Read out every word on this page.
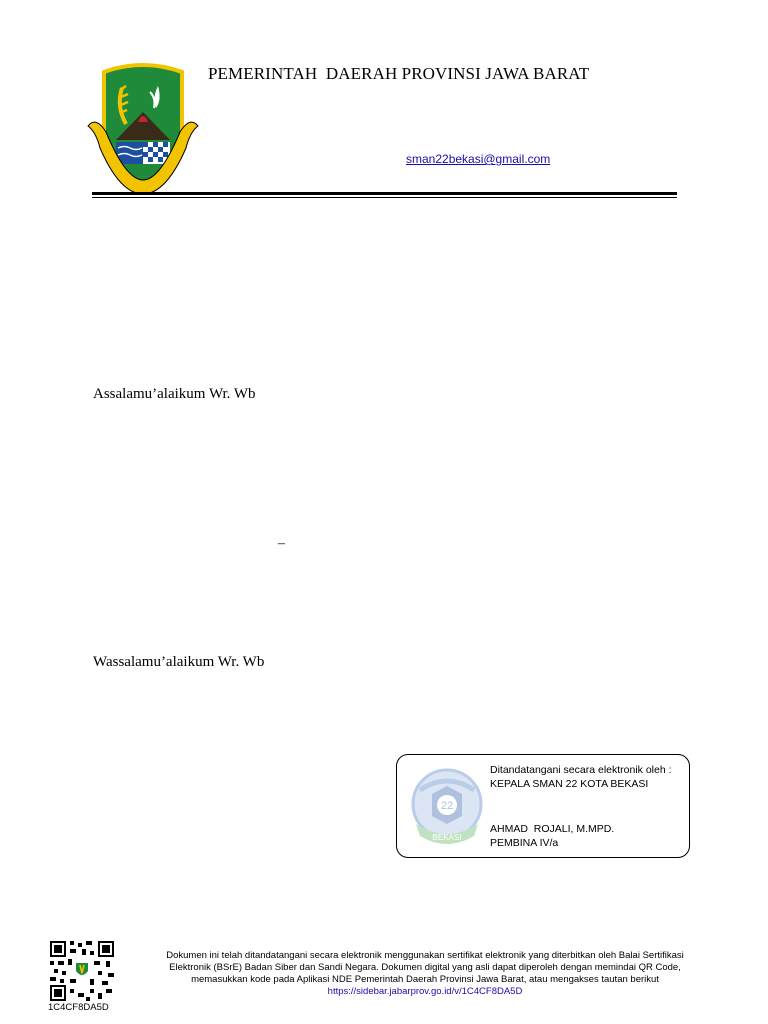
PEMERINTAH  DAERAH PROVINSI JAWA BARAT
sman22bekasi@gmail.com
Assalamu’alaikum Wr. Wb
–
Wassalamu’alaikum Wr. Wb
22
BEKASI
Ditandatangani secara elektronik oleh :
KEPALA SMAN 22 KOTA BEKASI
AHMAD  ROJALI, M.MPD.
PEMBINA IV/a
1C4CF8DA5D
Dokumen ini telah ditandatangani secara elektronik menggunakan sertifikat elektronik yang diterbitkan oleh Balai Sertifikasi
Elektronik (BSrE) Badan Siber dan Sandi Negara. Dokumen digital yang asli dapat diperoleh dengan memindai QR Code,
memasukkan kode pada Aplikasi NDE Pemerintah Daerah Provinsi Jawa Barat, atau mengakses tautan berikut
https://sidebar.jabarprov.go.id/v/1C4CF8DA5D
